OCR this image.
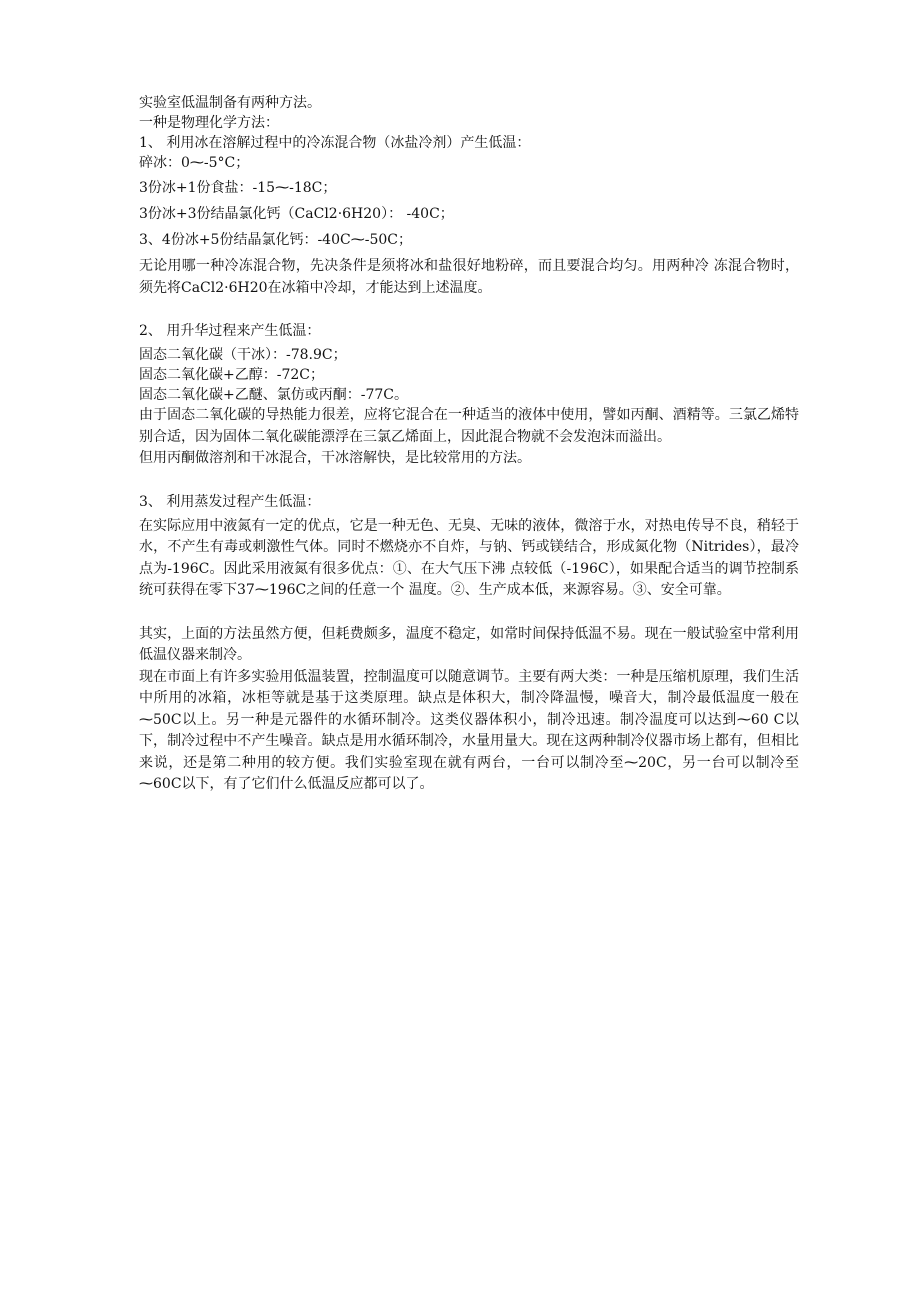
实验室低温制备有两种方法。

一种是物理化学方法：

1、 利用冰在溶解过程中的冷冻混合物（冰盐冷剂）产生低温：

碎冰：0⁓-5°C；

3份冰+1份食盐：-15⁓-18C；

3份冰+3份结晶氯化钙（CaCl2·6H20）： -40C；

3、4份冰+5份结晶氯化钙：-40C⁓-50C；

无论用哪一种冷冻混合物，先决条件是须将冰和盐很好地粉碎，而且要混合均匀。用两种冷 冻混合物时，须先将CaCl2·6H20在冰箱中冷却，才能达到上述温度。

2、 用升华过程来产生低温：

固态二氧化碳（干冰）：-78.9C；

固态二氧化碳+乙醇：-72C；

固态二氧化碳+乙醚、氯仿或丙酮：-77C。

由于固态二氧化碳的导热能力很差，应将它混合在一种适当的液体中使用，譬如丙酮、酒精等。三氯乙烯特别合适，因为固体二氧化碳能漂浮在三氯乙烯面上，因此混合物就不会发泡沫而溢出。

但用丙酮做溶剂和干冰混合，干冰溶解快，是比较常用的方法。

3、 利用蒸发过程产生低温：

在实际应用中液氮有一定的优点，它是一种无色、无臭、无味的液体，微溶于水，对热电传导不良，稍轻于水，不产生有毒或刺激性气体。同时不燃烧亦不自炸，与钠、钙或镁结合，形成氮化物（Nitrides），最冷点为-196C。因此采用液氮有很多优点：①、在大气压下沸 点较低（-196C），如果配合适当的调节控制系统可获得在零下37⁓196C之间的任意一个 温度。②、生产成本低，来源容易。③、安全可靠。

其实，上面的方法虽然方便，但耗费颇多，温度不稳定，如常时间保持低温不易。现在一般试验室中常利用低温仪器来制冷。

现在市面上有许多实验用低温装置，控制温度可以随意调节。主要有两大类：一种是压缩机原理，我们生活中所用的冰箱，冰柜等就是基于这类原理。缺点是体积大，制冷降温慢，噪音大，制冷最低温度一般在⁓50C以上。另一种是元器件的水循环制冷。这类仪器体积小，制冷迅速。制冷温度可以达到⁓60 C以下，制冷过程中不产生噪音。缺点是用水循环制冷，水量用量大。现在这两种制冷仪器市场上都有，但相比来说，还是第二种用的较方便。我们实验室现在就有两台，一台可以制冷至⁓20C，另一台可以制冷至⁓60C以下，有了它们什么低温反应都可以了。
